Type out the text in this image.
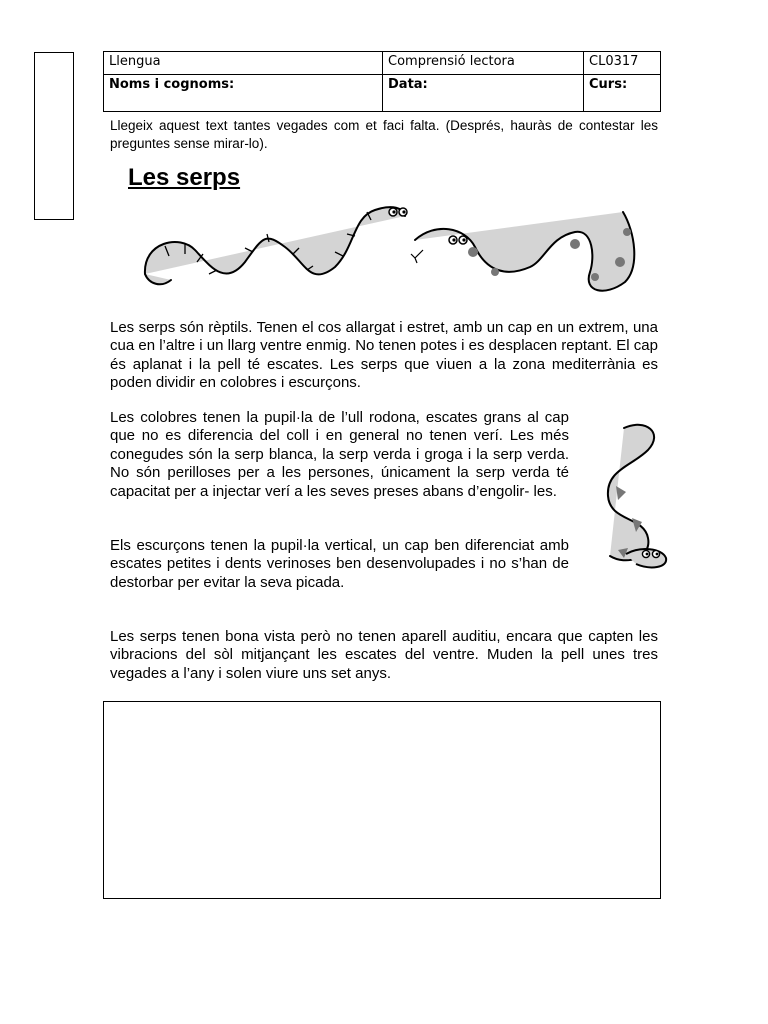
Llengua	Comprensió lectora	CL0317
Noms i cognoms:	Data:	Curs:
Llegeix aquest text tantes vegades com et faci falta. (Després, hauràs de contestar les preguntes sense mirar-lo).
Les serps

Les serps són rèptils. Tenen el cos allargat i estret, amb un cap en un extrem, una cua en l’altre i un llarg ventre enmig. No tenen potes i es desplacen reptant. El cap és aplanat i la pell té escates. Les serps que viuen a la zona mediterrània es poden dividir en colobres i escurçons.

Les colobres tenen la pupil·la de l’ull rodona, escates grans al cap que no es diferencia del coll i en general no tenen verí. Les més conegudes són la serp blanca, la serp verda i groga i la serp verda. No són perilloses per a les persones, únicament la serp verda té capacitat per a injectar verí a les seves preses abans d’engolir- les.

Els escurçons tenen la pupil·la vertical, un cap ben diferenciat amb escates petites i dents verinoses ben desenvolupades i no s’han de destorbar per evitar la seva picada.

Les serps tenen bona vista però no tenen aparell auditiu, encara que capten les vibracions del sòl mitjançant les escates del ventre. Muden la pell unes tres vegades a l’any i solen viure uns set anys.
